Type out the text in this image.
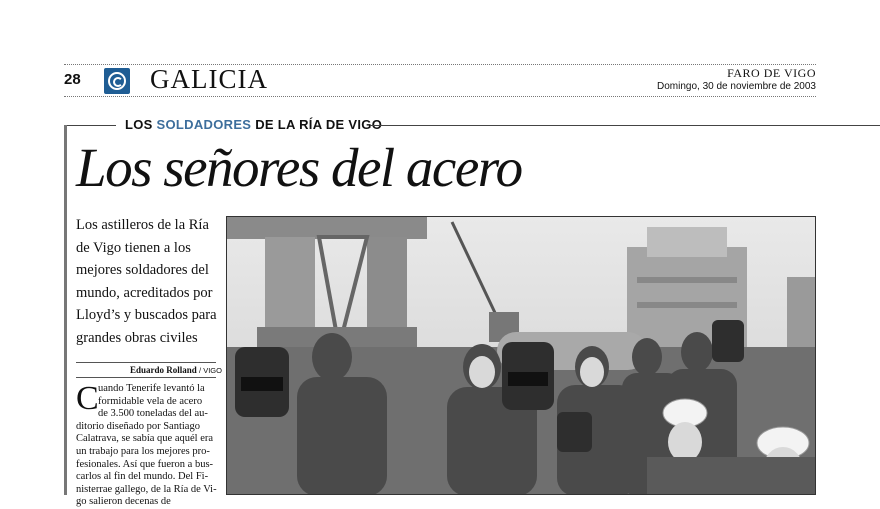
28	GALICIA	FARO DE VIGO
Domingo, 30 de noviembre de 2003
LOS SOLDADORES DE LA RÍA DE VIGO
Los señores del acero
Los astilleros de la Ría
de Vigo tienen a los
mejores soldadores del
mundo, acreditados por
Lloyd’s y buscados para
grandes obras civiles
Eduardo Rolland / VIGO
C uando Tenerife levantó la
formidable vela de acero
de 3.500 toneladas del au-
ditorio diseñado por Santiago
Calatrava, se sabía que aquél era
un trabajo para los mejores pro-
fesionales. Así que fueron a bus-
carlos al fin del mundo. Del Fi-
nisterrae gallego, de la Ría de Vi-
go salieron decenas de
